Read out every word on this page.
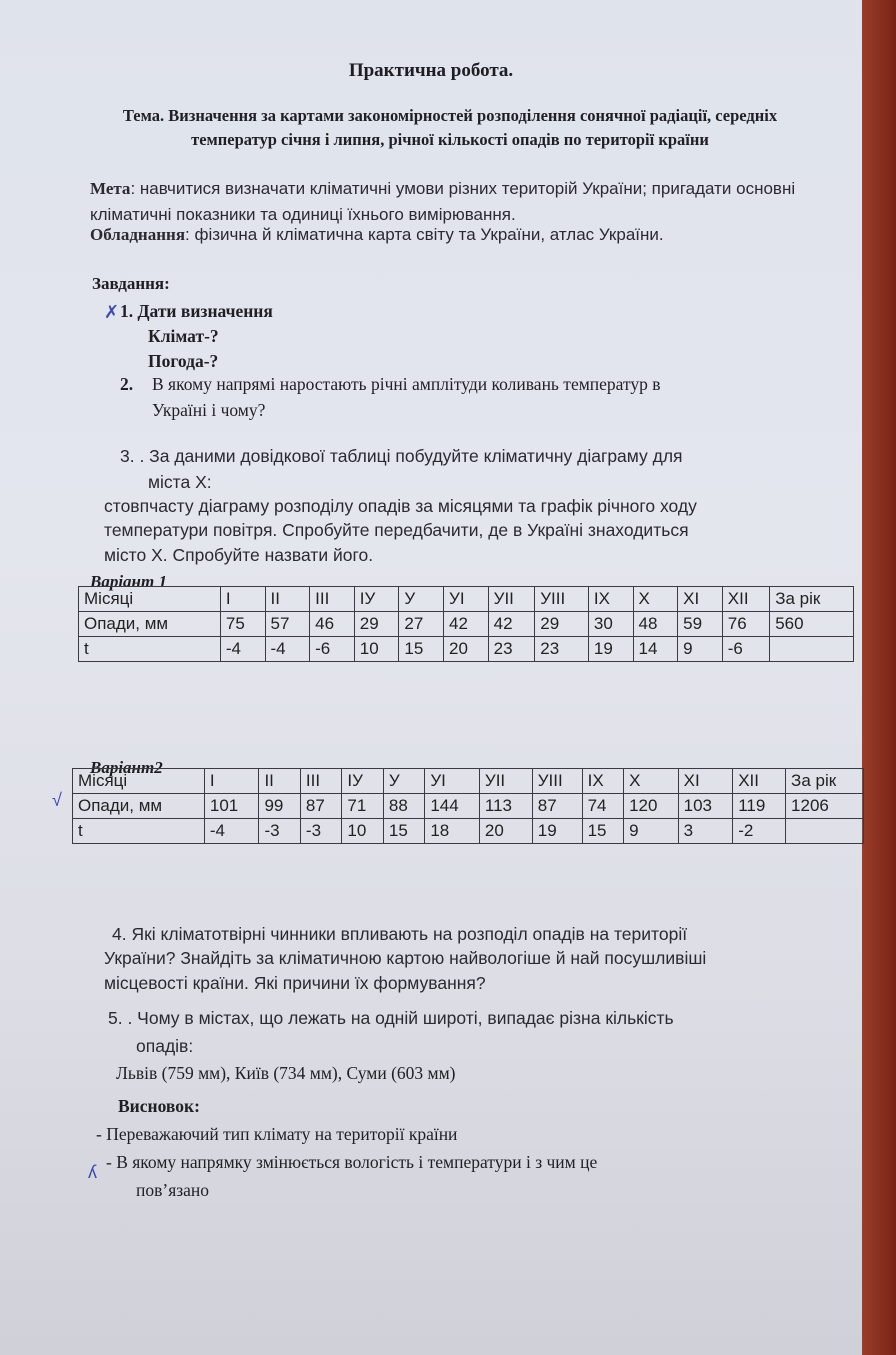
Практична робота.
Тема. Визначення за картами закономірностей розподілення сонячної радіації, середніх температур січня і липня, річної кількості опадів по території країни
Мета: навчитися визначати кліматичні умови різних територій України; пригадати основні кліматичні показники та одиниці їхнього вимірювання.
Обладнання: фізична й кліматична карта світу та України, атлас України.
Завдання:
✗ 1. Дати визначення
Клімат-?
Погода-?
2. В якому напрямі наростають річні амплітуди коливань температур в
Україні і чому?
3. . За даними довідкової таблиці побудуйте кліматичну діаграму для
міста Х:
стовпчасту діаграму розподілу опадів за місяцями та графік річного ходу
температури повітря. Спробуйте передбачити, де в Україні знаходиться
місто Х. Спробуйте назвати його.
Варіант 1
Місяці	І	ІІ	ІІІ	ІУ	У	УІ	УІІ	УІІІ	ІХ	Х	ХІ	ХІІ	За рік
Опади, мм	75	57	46	29	27	42	42	29	30	48	59	76	560
t	-4	-4	-6	10	15	20	23	23	19	14	9	-6	
√
Варіант2
Місяці	І	ІІ	ІІІ	ІУ	У	УІ	УІІ	УІІІ	ІХ	Х	ХІ	ХІІ	За рік
Опади, мм	101	99	87	71	88	144	113	87	74	120	103	119	1206
t	-4	-3	-3	10	15	18	20	19	15	9	3	-2	
4. Які кліматотвірні чинники впливають на розподіл опадів на території
України? Знайдіть за кліматичною картою найвологіше й най посушливіші
місцевості країни. Які причини їх формування?
5. . Чому в містах, що лежать на одній широті, випадає різна кількість
опадів:
Львів (759 мм), Київ (734 мм), Суми (603 мм)
Висновок:
- Переважаючий тип клімату на території країни
ʎ - В якому напрямку змінюється вологість і температури і з чим це
пов’язано
